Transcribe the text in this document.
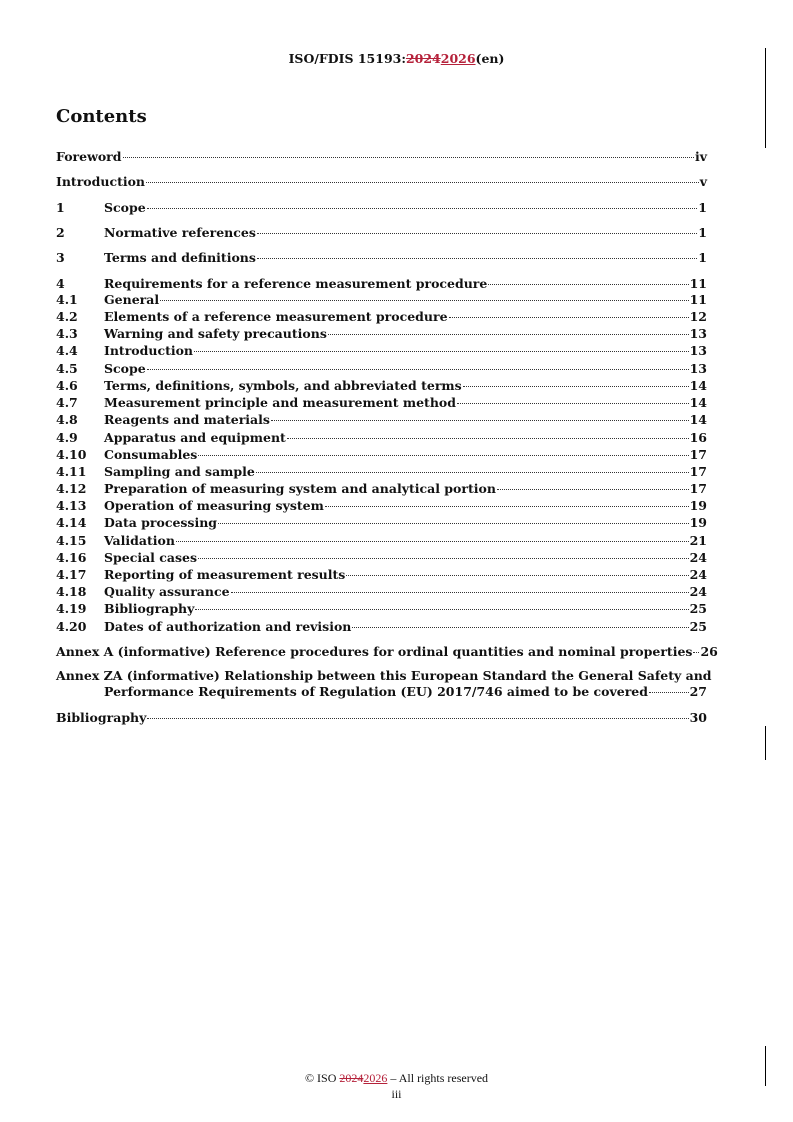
ISO/FDIS 15193:20242026(en)
Contents
Foreword	iv
Introduction	v
1	Scope	1
2	Normative references	1
3	Terms and definitions	1
4	Requirements for a reference measurement procedure	11
4.1	General	11
4.2	Elements of a reference measurement procedure	12
4.3	Warning and safety precautions	13
4.4	Introduction	13
4.5	Scope	13
4.6	Terms, definitions, symbols, and abbreviated terms	14
4.7	Measurement principle and measurement method	14
4.8	Reagents and materials	14
4.9	Apparatus and equipment	16
4.10	Consumables	17
4.11	Sampling and sample	17
4.12	Preparation of measuring system and analytical portion	17
4.13	Operation of measuring system	19
4.14	Data processing	19
4.15	Validation	21
4.16	Special cases	24
4.17	Reporting of measurement results	24
4.18	Quality assurance	24
4.19	Bibliography	25
4.20	Dates of authorization and revision	25
Annex A (informative) Reference procedures for ordinal quantities and nominal properties 26
Annex ZA (informative) Relationship between this European Standard the General Safety and
Performance Requirements of Regulation (EU) 2017/746 aimed to be covered	27
Bibliography	30
© ISO 20242026 – All rights reserved
iii
